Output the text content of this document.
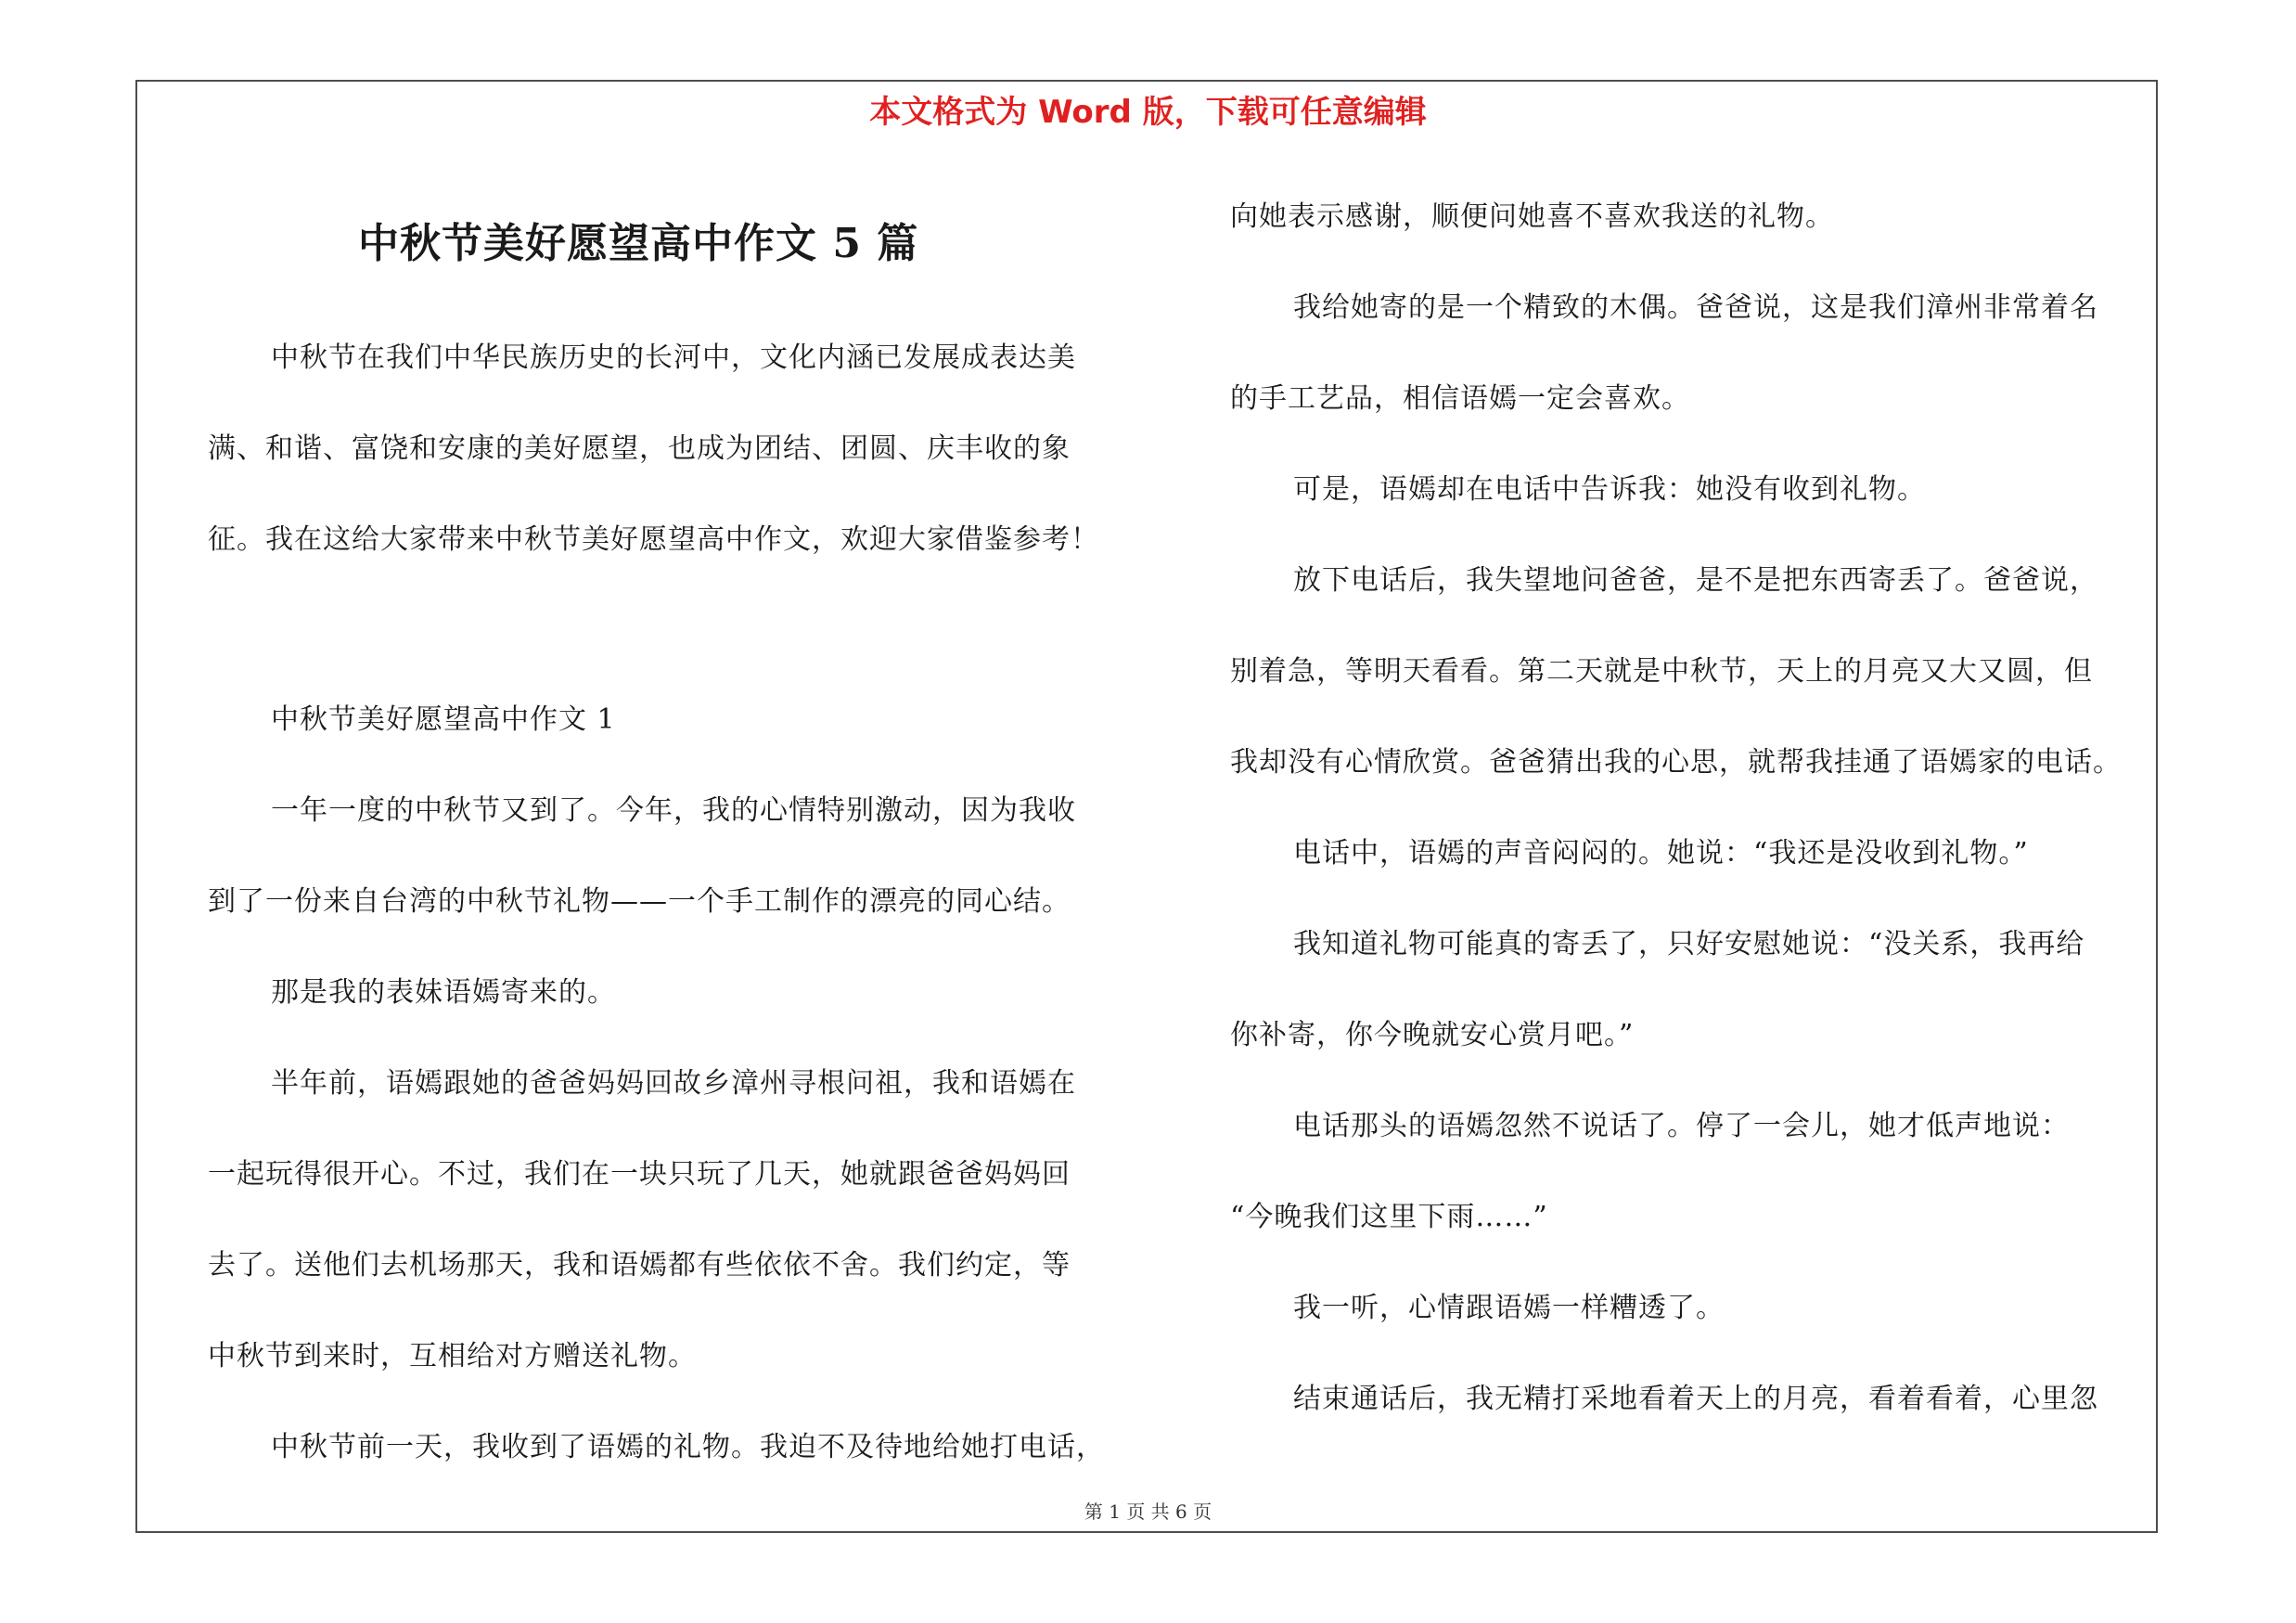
本文格式为 Word 版，下载可任意编辑
中秋节美好愿望高中作文 5 篇
中秋节在我们中华民族历史的长河中，文化内涵已发展成表达美
满、和谐、富饶和安康的美好愿望，也成为团结、团圆、庆丰收的象
征。我在这给大家带来中秋节美好愿望高中作文，欢迎大家借鉴参考！
中秋节美好愿望高中作文 1
一年一度的中秋节又到了。今年，我的心情特别激动，因为我收
到了一份来自台湾的中秋节礼物——一个手工制作的漂亮的同心结。
那是我的表妹语嫣寄来的。
半年前，语嫣跟她的爸爸妈妈回故乡漳州寻根问祖，我和语嫣在
一起玩得很开心。不过，我们在一块只玩了几天，她就跟爸爸妈妈回
去了。送他们去机场那天，我和语嫣都有些依依不舍。我们约定，等
中秋节到来时，互相给对方赠送礼物。
中秋节前一天，我收到了语嫣的礼物。我迫不及待地给她打电话，
向她表示感谢，顺便问她喜不喜欢我送的礼物。
我给她寄的是一个精致的木偶。爸爸说，这是我们漳州非常着名
的手工艺品，相信语嫣一定会喜欢。
可是，语嫣却在电话中告诉我：她没有收到礼物。
放下电话后，我失望地问爸爸，是不是把东西寄丢了。爸爸说，
别着急，等明天看看。第二天就是中秋节，天上的月亮又大又圆，但
我却没有心情欣赏。爸爸猜出我的心思，就帮我挂通了语嫣家的电话。
电话中，语嫣的声音闷闷的。她说：“我还是没收到礼物。”
我知道礼物可能真的寄丢了，只好安慰她说：“没关系，我再给
你补寄，你今晚就安心赏月吧。”
电话那头的语嫣忽然不说话了。停了一会儿，她才低声地说：
“今晚我们这里下雨……”
我一听，心情跟语嫣一样糟透了。
结束通话后，我无精打采地看着天上的月亮，看着看着，心里忽
第 1 页 共 6 页
